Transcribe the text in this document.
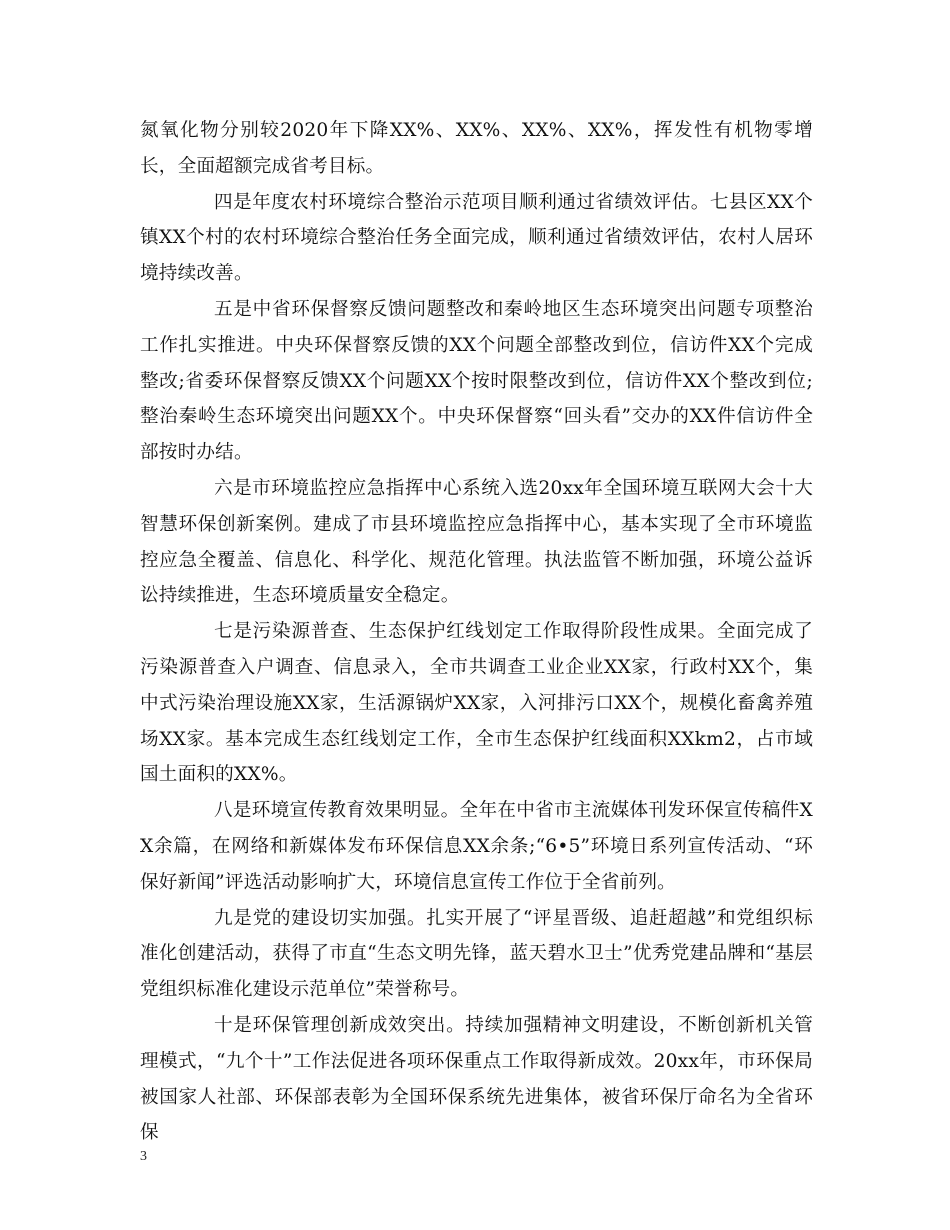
氮氧化物分别较2020年下降XX%、XX%、XX%、XX%，挥发性有机物零增长，全面超额完成省考目标。

四是年度农村环境综合整治示范项目顺利通过省绩效评估。七县区XX个镇XX个村的农村环境综合整治任务全面完成，顺利通过省绩效评估，农村人居环境持续改善。

五是中省环保督察反馈问题整改和秦岭地区生态环境突出问题专项整治工作扎实推进。中央环保督察反馈的XX个问题全部整改到位，信访件XX个完成整改;省委环保督察反馈XX个问题XX个按时限整改到位，信访件XX个整改到位;整治秦岭生态环境突出问题XX个。中央环保督察“回头看”交办的XX件信访件全部按时办结。

六是市环境监控应急指挥中心系统入选20xx年全国环境互联网大会十大智慧环保创新案例。建成了市县环境监控应急指挥中心，基本实现了全市环境监控应急全覆盖、信息化、科学化、规范化管理。执法监管不断加强，环境公益诉讼持续推进，生态环境质量安全稳定。

七是污染源普查、生态保护红线划定工作取得阶段性成果。全面完成了污染源普查入户调查、信息录入，全市共调查工业企业XX家，行政村XX个，集中式污染治理设施XX家，生活源锅炉XX家，入河排污口XX个，规模化畜禽养殖场XX家。基本完成生态红线划定工作，全市生态保护红线面积XXkm2，占市域国土面积的XX%。

八是环境宣传教育效果明显。全年在中省市主流媒体刊发环保宣传稿件XX余篇，在网络和新媒体发布环保信息XX余条;“6•5”环境日系列宣传活动、“环保好新闻”评选活动影响扩大，环境信息宣传工作位于全省前列。

九是党的建设切实加强。扎实开展了“评星晋级、追赶超越”和党组织标准化创建活动，获得了市直“生态文明先锋，蓝天碧水卫士”优秀党建品牌和“基层党组织标准化建设示范单位”荣誉称号。

十是环保管理创新成效突出。持续加强精神文明建设，不断创新机关管理模式，“九个十”工作法促进各项环保重点工作取得新成效。20xx年，市环保局被国家人社部、环保部表彰为全国环保系统先进集体，被省环保厅命名为全省环保

3
